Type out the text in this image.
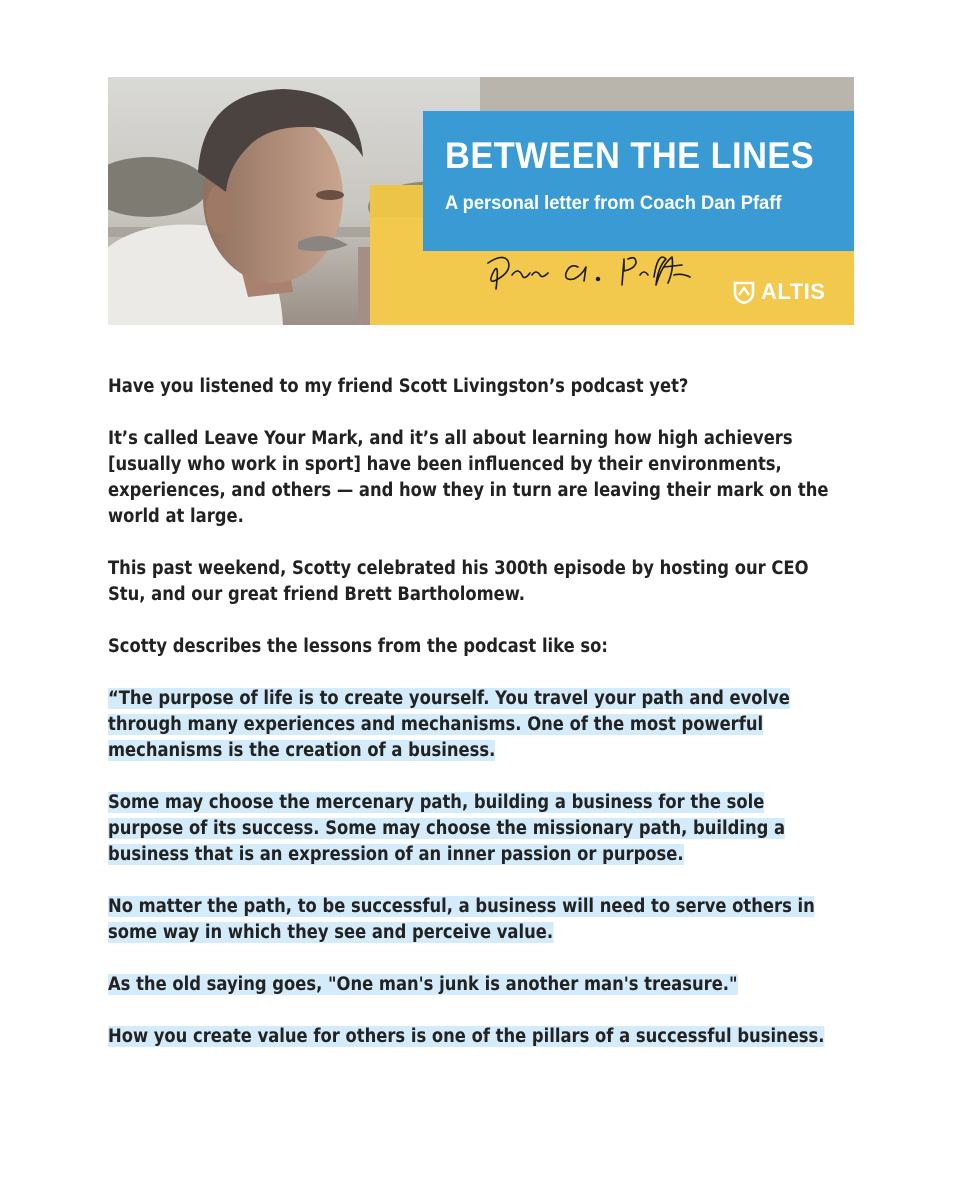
BETWEEN THE LINES
A personal letter from Coach Dan Pfaff
ALTIS
Have you listened to my friend Scott Livingston’s podcast yet?
It’s called Leave Your Mark, and it’s all about learning how high achievers
[usually who work in sport] have been influenced by their environments,
experiences, and others — and how they in turn are leaving their mark on the
world at large.
This past weekend, Scotty celebrated his 300th episode by hosting our CEO
Stu, and our great friend Brett Bartholomew.
Scotty describes the lessons from the podcast like so:
“The purpose of life is to create yourself. You travel your path and evolve
through many experiences and mechanisms. One of the most powerful
mechanisms is the creation of a business.
Some may choose the mercenary path, building a business for the sole
purpose of its success. Some may choose the missionary path, building a
business that is an expression of an inner passion or purpose.
No matter the path, to be successful, a business will need to serve others in
some way in which they see and perceive value.
As the old saying goes, "One man's junk is another man's treasure."
How you create value for others is one of the pillars of a successful business.
